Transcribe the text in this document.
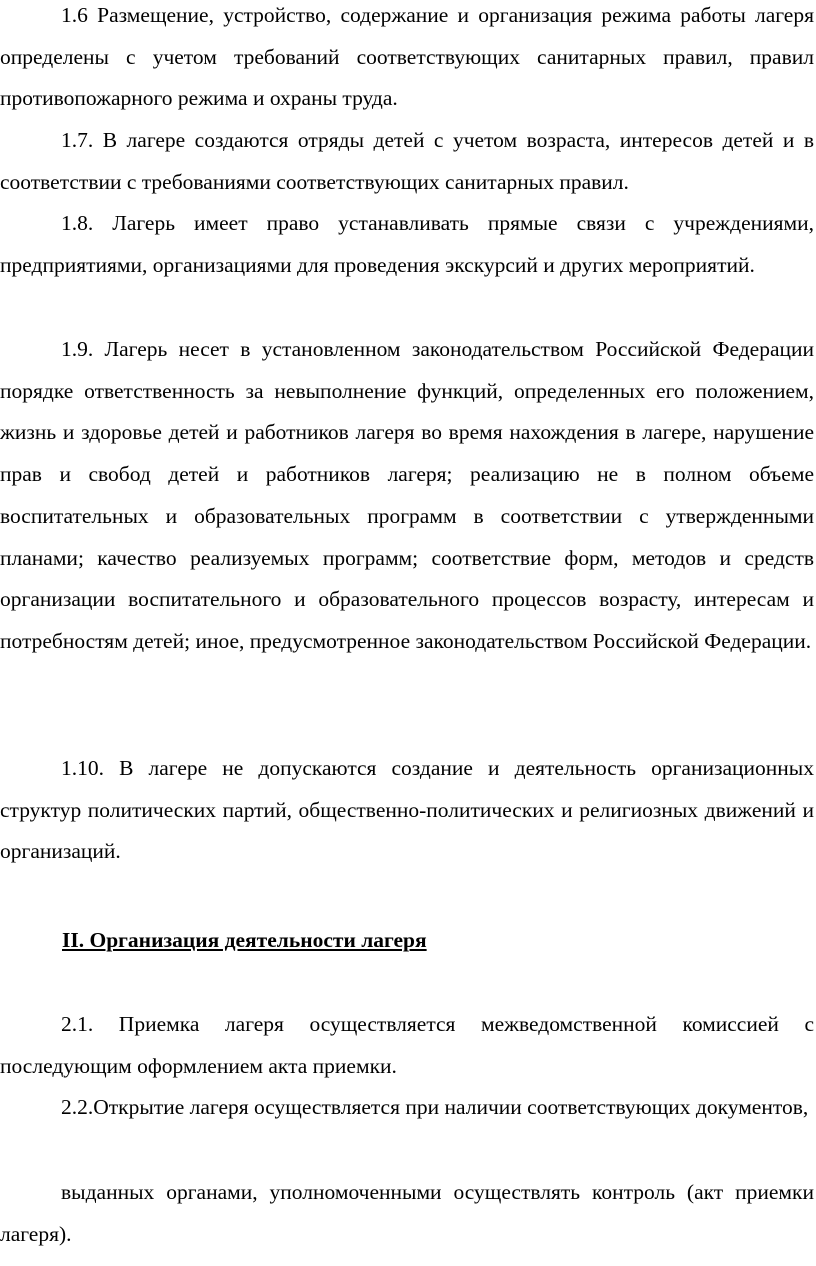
1.6 Размещение, устройство, содержание и организация режима работы лагеря определены с учетом требований соответствующих санитарных правил, правил противопожарного режима и охраны труда.

1.7. В лагере создаются отряды детей с учетом возраста, интересов детей и в соответствии с требованиями соответствующих санитарных правил.

1.8. Лагерь имеет право устанавливать прямые связи с учреждениями, предприятиями, организациями для проведения экскурсий и других мероприятий.

1.9. Лагерь несет в установленном законодательством Российской Федерации порядке ответственность за невыполнение функций, определенных его положением, жизнь и здоровье детей и работников лагеря во время нахождения в лагере, нарушение прав и свобод детей и работников лагеря; реализацию не в полном объеме воспитательных и образовательных программ в соответствии с утвержденными планами; качество реализуемых программ; соответствие форм, методов и средств организации воспитательного и образовательного процессов возрасту, интересам и потребностям детей; иное, предусмотренное законодательством Российской Федерации.

1.10. В лагере не допускаются создание и деятельность организационных структур политических партий, общественно-политических и религиозных движений и организаций.

II. Организация деятельности лагеря

2.1. Приемка лагеря осуществляется межведомственной комиссией с последующим оформлением акта приемки.

2.2.Открытие лагеря осуществляется при наличии соответствующих документов,

выданных органами, уполномоченными осуществлять контроль (акт приемки лагеря).
